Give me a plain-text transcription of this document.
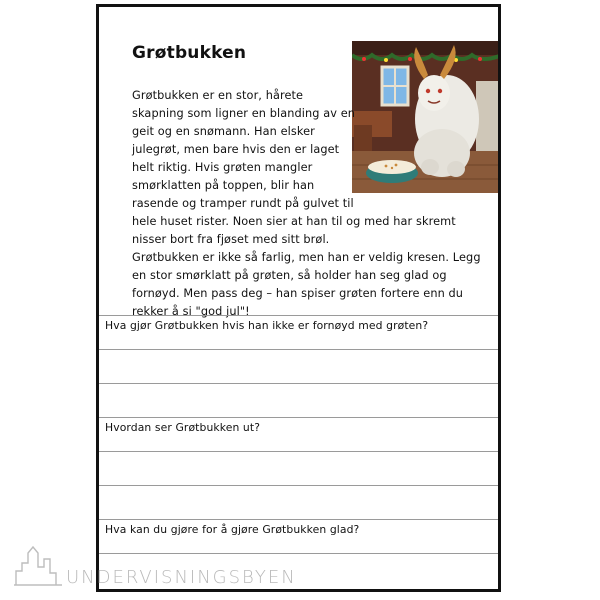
Grøtbukken
Grøtbukken er en stor, hårete
skapning som ligner en blanding av en
geit og en snømann. Han elsker
julegrøt, men bare hvis den er laget
helt riktig. Hvis grøten mangler
smørklatten på toppen, blir han
rasende og tramper rundt på gulvet til
hele huset rister. Noen sier at han til og med har skremt
nisser bort fra fjøset med sitt brøl.
Grøtbukken er ikke så farlig, men han er veldig kresen. Legg
en stor smørklatt på grøten, så holder han seg glad og
fornøyd. Men pass deg – han spiser grøten fortere enn du
rekker å si "god jul"!
Hva gjør Grøtbukken hvis han ikke er fornøyd med grøten?
Hvordan ser Grøtbukken ut?
Hva kan du gjøre for å gjøre Grøtbukken glad?
UNDERVISNINGSBYEN
